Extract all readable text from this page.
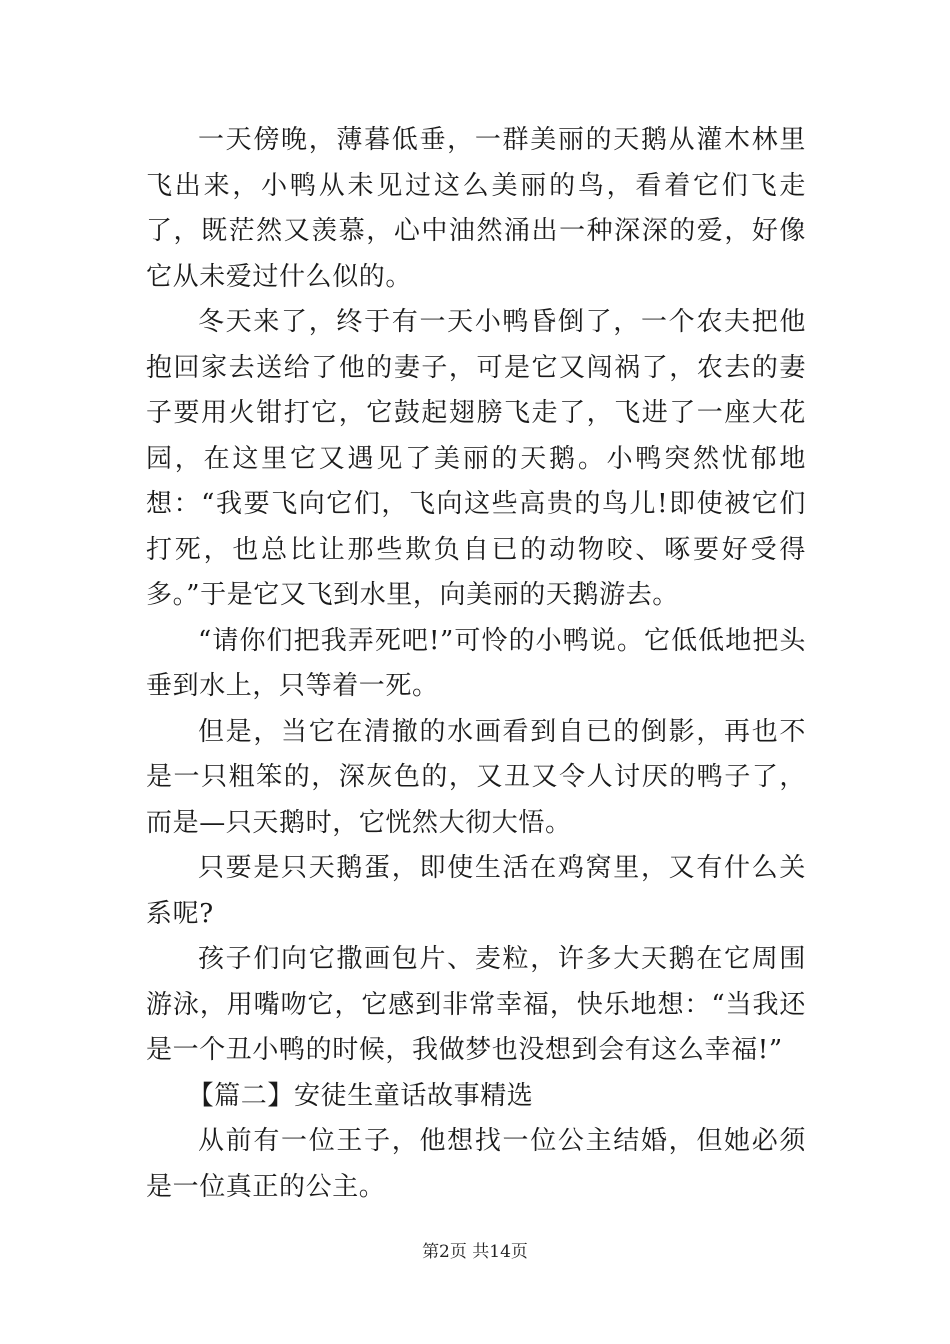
一天傍晚，薄暮低垂，一群美丽的天鹅从灌木林里飞出来，小鸭从未见过这么美丽的鸟，看着它们飞走了，既茫然又羡慕，心中油然涌出一种深深的爱，好像它从未爱过什么似的。

冬天来了，终于有一天小鸭昏倒了，一个农夫把他抱回家去送给了他的妻子，可是它又闯祸了，农去的妻子要用火钳打它，它鼓起翅膀飞走了，飞进了一座大花园，在这里它又遇见了美丽的天鹅。小鸭突然忧郁地想：“我要飞向它们，飞向这些高贵的鸟儿!即使被它们打死，也总比让那些欺负自已的动物咬、啄要好受得多。”于是它又飞到水里，向美丽的天鹅游去。

“请你们把我弄死吧!”可怜的小鸭说。它低低地把头垂到水上，只等着一死。

但是，当它在清撤的水画看到自已的倒影，再也不是一只粗笨的，深灰色的，又丑又令人讨厌的鸭子了，而是—只天鹅时，它恍然大彻大悟。

只要是只天鹅蛋，即使生活在鸡窝里，又有什么关系呢?

孩子们向它撒画包片、麦粒，许多大天鹅在它周围游泳，用嘴吻它，它感到非常幸福，快乐地想：“当我还是一个丑小鸭的时候，我做梦也没想到会有这么幸福!”

【篇二】安徒生童话故事精选

从前有一位王子，他想找一位公主结婚，但她必须是一位真正的公主。

第2页 共14页
